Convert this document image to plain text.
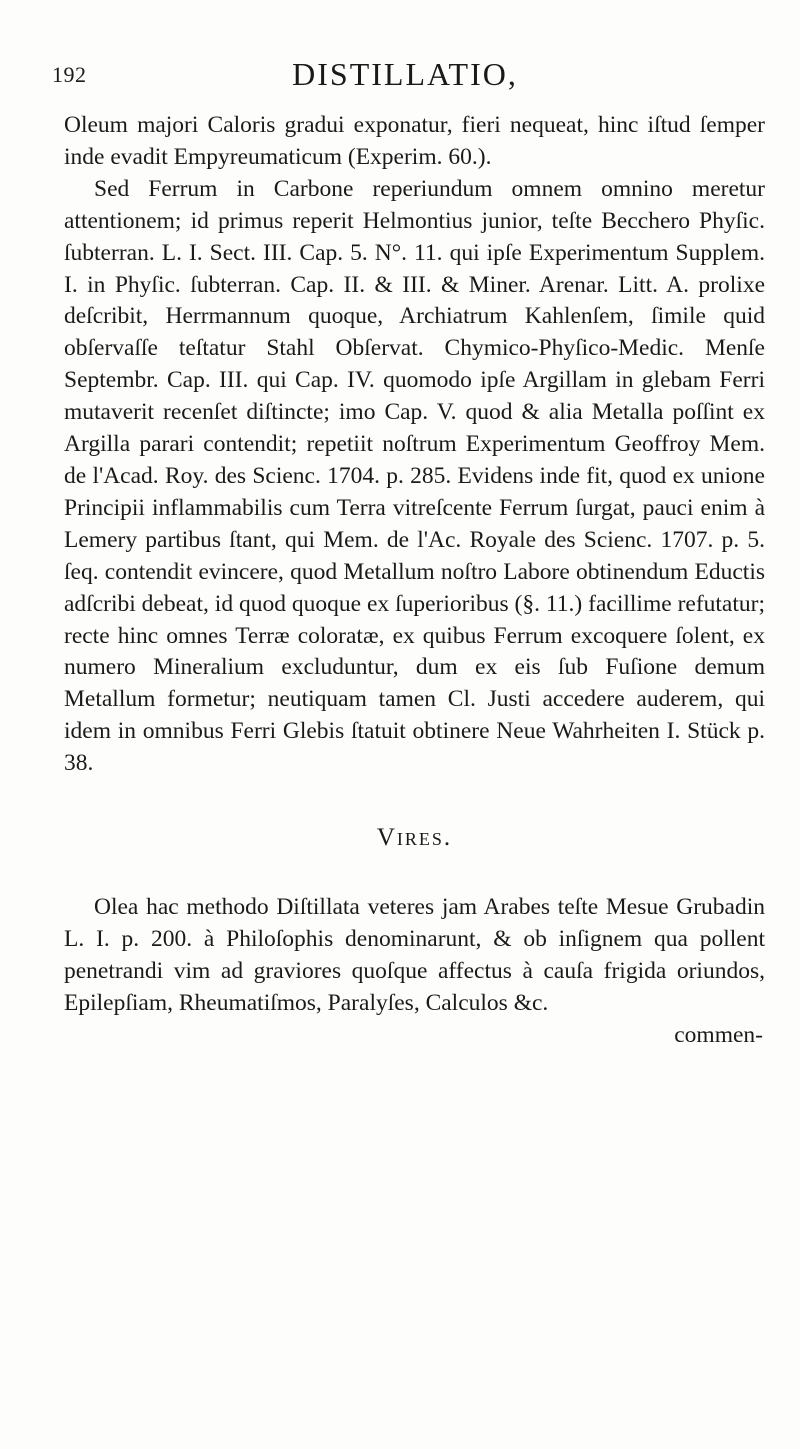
192	DISTILLATIO,

Oleum majori Caloris gradui exponatur, fieri nequeat, hinc iſtud ſemper inde evadit Empyreumaticum (Experim. 60.).

Sed Ferrum in Carbone reperiundum omnem omnino meretur attentionem; id primus reperit Helmontius junior, teſte Becchero Phyſic. ſubterran. L. I. Sect. III. Cap. 5. N°. 11. qui ipſe Experimentum Supplem. I. in Phyſic. ſubterran. Cap. II. & III. & Miner. Arenar. Litt. A. prolixe deſcribit, Herrmannum quoque, Archiatrum Kahlenſem, ſimile quid obſervaſſe teſtatur Stahl Obſervat. Chymico-Phyſico-Medic. Menſe Septembr. Cap. III. qui Cap. IV. quomodo ipſe Argillam in glebam Ferri mutaverit recenſet diſtincte; imo Cap. V. quod & alia Metalla poſſint ex Argilla parari contendit; repetiit noſtrum Experimentum Geoffroy Mem. de l'Acad. Roy. des Scienc. 1704. p. 285. Evidens inde fit, quod ex unione Principii inflammabilis cum Terra vitreſcente Ferrum ſurgat, pauci enim à Lemery partibus ſtant, qui Mem. de l'Ac. Royale des Scienc. 1707. p. 5. ſeq. contendit evincere, quod Metallum noſtro Labore obtinendum Eductis adſcribi debeat, id quod quoque ex ſuperioribus (§. 11.) facillime refutatur; recte hinc omnes Terræ coloratæ, ex quibus Ferrum excoquere ſolent, ex numero Mineralium excluduntur, dum ex eis ſub Fuſione demum Metallum formetur; neutiquam tamen Cl. Justi accedere auderem, qui idem in omnibus Ferri Glebis ſtatuit obtinere Neue Wahrheiten I. Stück p. 38.

Vires.

Olea hac methodo Diſtillata veteres jam Arabes teſte Mesue Grubadin L. I. p. 200. à Philoſophis denominarunt, & ob inſignem qua pollent penetrandi vim ad graviores quoſque affectus à cauſa frigida oriundos, Epilepſiam, Rheumatiſmos, Paralyſes, Calculos &c.

commen-
